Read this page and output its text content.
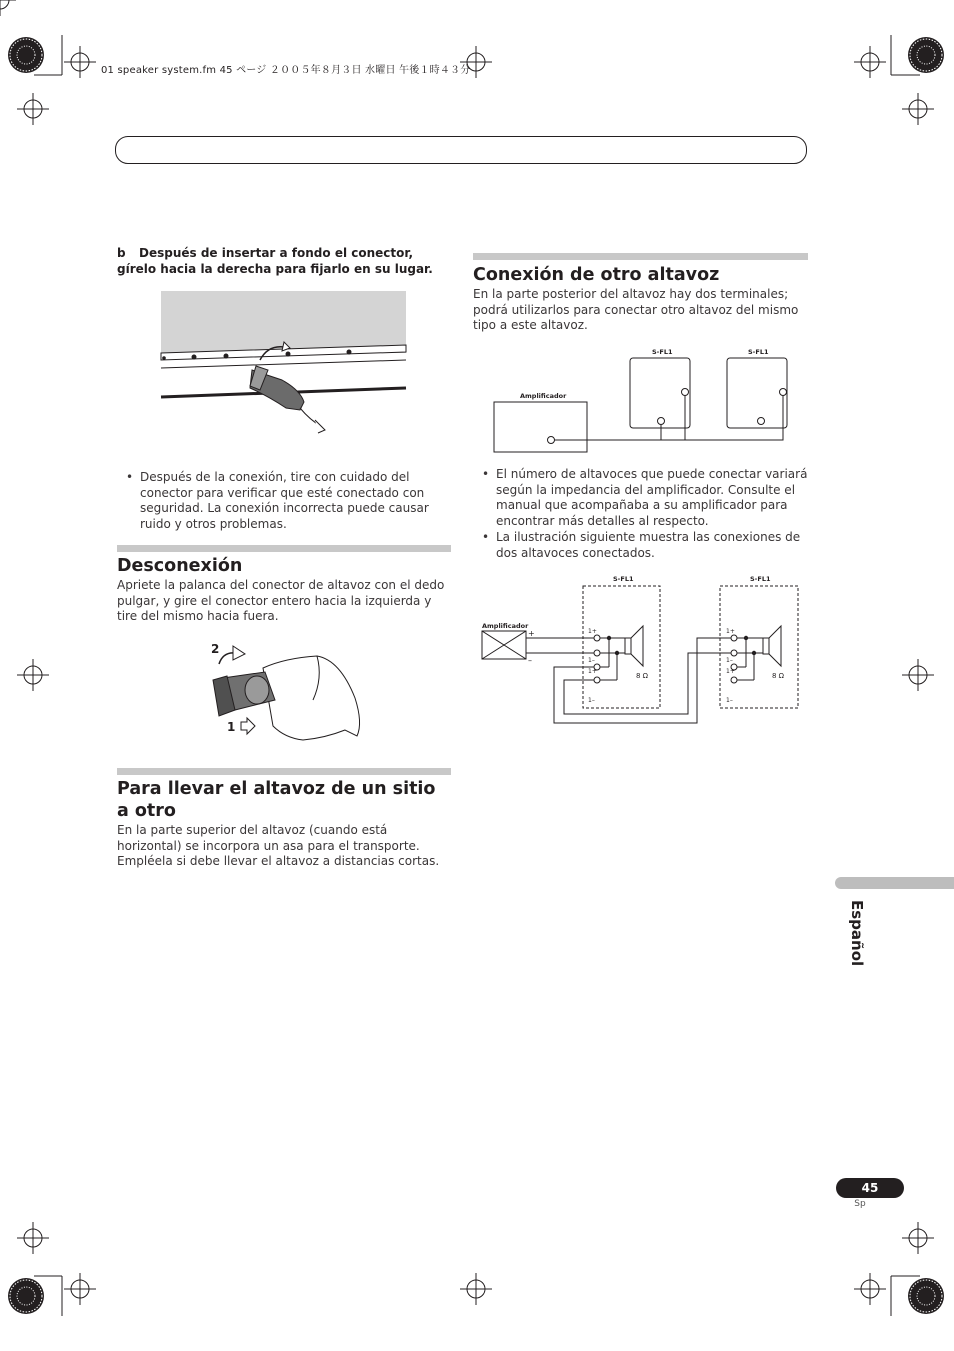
01 speaker system.fm 45 ページ ２００５年８月３日 水曜日 午後１時４３分
b Después de insertar a fondo el conector, gírelo hacia la derecha para fijarlo en su lugar.
• Después de la conexión, tire con cuidado del conector para verificar que esté conectado con seguridad. La conexión incorrecta puede causar ruido y otros problemas.
Desconexión
Apriete la palanca del conector de altavoz con el dedo pulgar, y gire el conector entero hacia la izquierda y tire del mismo hacia fuera.
2
1
Para llevar el altavoz de un sitio a otro
En la parte superior del altavoz (cuando está horizontal) se incorpora un asa para el transporte. Empléela si debe llevar el altavoz a distancias cortas.
Conexión de otro altavoz
En la parte posterior del altavoz hay dos terminales; podrá utilizarlos para conectar otro altavoz del mismo tipo a este altavoz.
Amplificador
S-FL1	S-FL1
• El número de altavoces que puede conectar variará según la impedancia del amplificador. Consulte el manual que acompañaba a su amplificador para encontrar más detalles al respecto.
• La ilustración siguiente muestra las conexiones de dos altavoces conectados.
Amplificador
+
–
S-FL1	S-FL1
1+
1–
1+
1–
1+
1–
1+
1–
8 Ω	8 Ω
Español
45
Sp
